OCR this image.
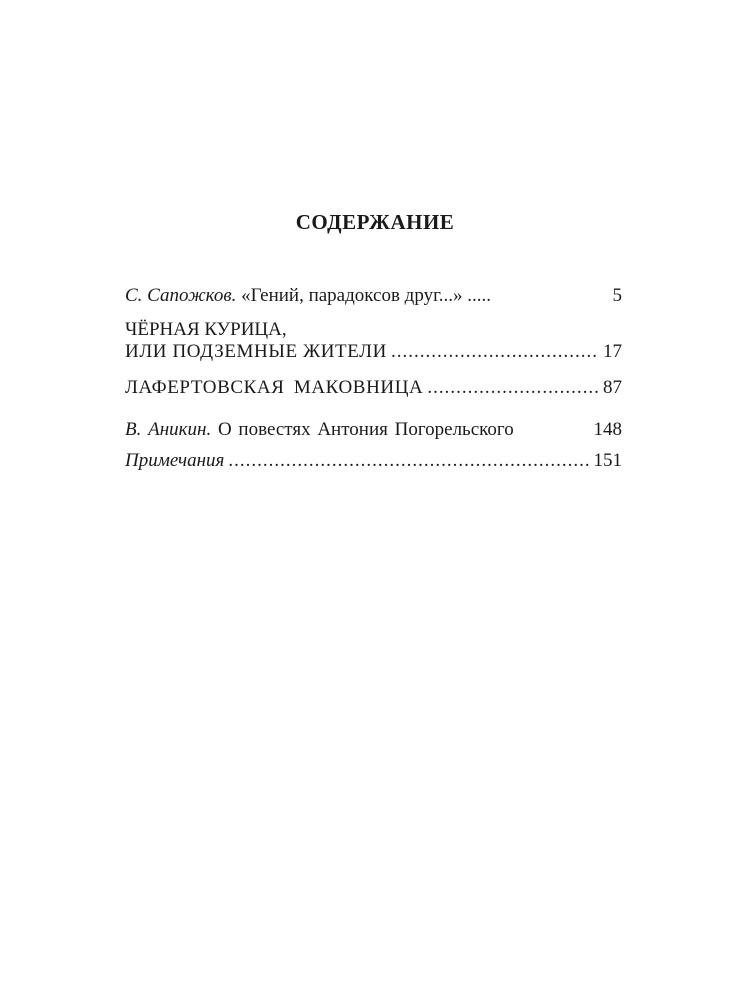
СОДЕРЖАНИЕ
С. Сапожков. «Гений, парадоксов друг...» .....	5
ЧЁРНАЯ КУРИЦА,
ИЛИ ПОДЗЕМНЫЕ ЖИТЕЛИ .....	17
ЛАФЕРТОВСКАЯ МАКОВНИЦА .....	87
В. Аникин. О повестях Антония Погорельского	148
Примечания .....	151
